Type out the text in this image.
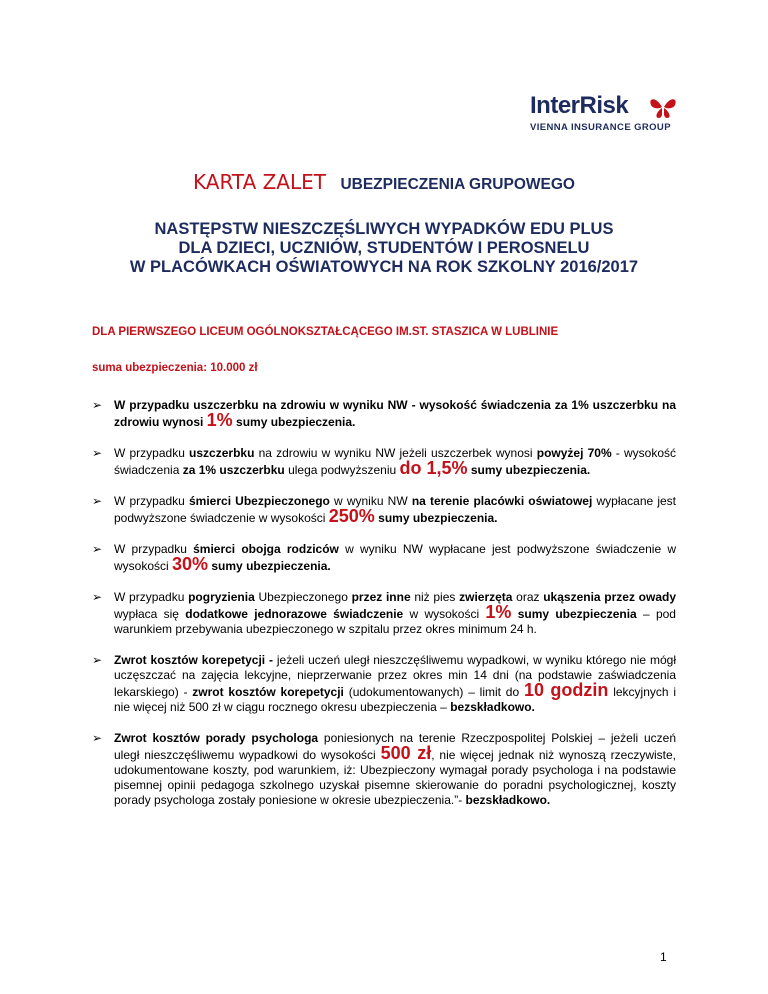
InterRisk
VIENNA INSURANCE GROUP
KARTA ZALET UBEZPIECZENIA GRUPOWEGO
NASTĘPSTW NIESZCZĘŚLIWYCH WYPADKÓW EDU PLUS
DLA DZIECI, UCZNIÓW, STUDENTÓW I PEROSNELU
W PLACÓWKACH OŚWIATOWYCH NA ROK SZKOLNY 2016/2017
DLA PIERWSZEGO LICEUM OGÓLNOKSZTAŁCĄCEGO IM.ST. STASZICA W LUBLINIE
suma ubezpieczenia: 10.000 zł
➢ W przypadku uszczerbku na zdrowiu w wyniku NW - wysokość świadczenia za 1% uszczerbku na zdrowiu wynosi 1% sumy ubezpieczenia.
➢ W przypadku uszczerbku na zdrowiu w wyniku NW jeżeli uszczerbek wynosi powyżej 70% - wysokość świadczenia za 1% uszczerbku ulega podwyższeniu do 1,5% sumy ubezpieczenia.
➢ W przypadku śmierci Ubezpieczonego w wyniku NW na terenie placówki oświatowej wypłacane jest podwyższone świadczenie w wysokości 250% sumy ubezpieczenia.
➢ W przypadku śmierci obojga rodziców w wyniku NW wypłacane jest podwyższone świadczenie w wysokości 30% sumy ubezpieczenia.
➢ W przypadku pogryzienia Ubezpieczonego przez inne niż pies zwierzęta oraz ukąszenia przez owady wypłaca się dodatkowe jednorazowe świadczenie w wysokości 1% sumy ubezpieczenia – pod warunkiem przebywania ubezpieczonego w szpitalu przez okres minimum 24 h.
➢ Zwrot kosztów korepetycji - jeżeli uczeń uległ nieszczęśliwemu wypadkowi, w wyniku którego nie mógł uczęszczać na zajęcia lekcyjne, nieprzerwanie przez okres min 14 dni (na podstawie zaświadczenia lekarskiego) - zwrot kosztów korepetycji (udokumentowanych) – limit do 10 godzin lekcyjnych i nie więcej niż 500 zł w ciągu rocznego okresu ubezpieczenia – bezskładkowo.
➢ Zwrot kosztów porady psychologa poniesionych na terenie Rzeczpospolitej Polskiej – jeżeli uczeń uległ nieszczęśliwemu wypadkowi do wysokości 500 zł, nie więcej jednak niż wynoszą rzeczywiste, udokumentowane koszty, pod warunkiem, iż: Ubezpieczony wymagał porady psychologa i na podstawie pisemnej opinii pedagoga szkolnego uzyskał pisemne skierowanie do poradni psychologicznej, koszty porady psychologa zostały poniesione w okresie ubezpieczenia.”- bezskładkowo.
1
